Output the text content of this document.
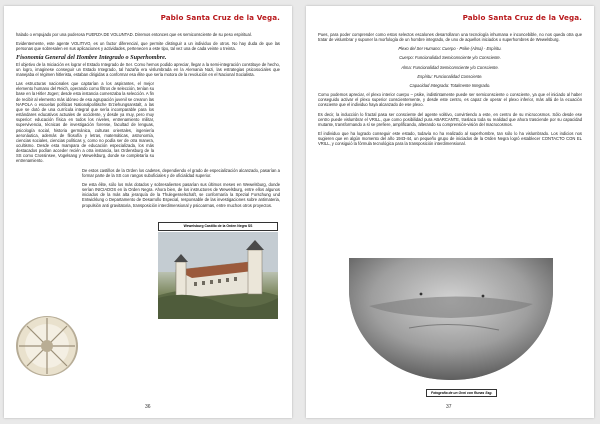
Pablo Santa Cruz de la Vega.

halado o empujado por una poderosa FUERZA DE VOLUNTAD. Diremos entonces que es semiconsciente de su peso espiritual.

Evidentemente, este agente VOLITIVO, es un factor diferencial, que permite distinguir a un individuo de otros. No hay duda de que las personas que sobresalen en sus aplicaciones y actividades, pertenecen a este tipo, tal vez una de cada veinte o treinta.

Fisonomía General del Hombre Integrado o Superhombre.

El objetivo de la Iniciación es lograr el Estado Integrado de Ser. Como hemos podido apreciar, llegar a la semi-integración constituye de hecho, un logro, imaginese conseguir un Estado Integrado, tal hazaña era vislumbrada en la Alemania Nazi, las estrategias psicosociales que manejaba el régimen hitlerista, estaban dirigidas a conformar esa élite que sería motora de la revolución en el Nacional Socialista.

Las estructuras nacionales que captarían a los aspirantes, el mejor elemento humano del Reich, operando como filtros de selección, tenían su base en la Hitler Jügen; desde esta instancia comenzaba la selección. A fin de recibir al elemento más idóneo de esa agrupación juvenil se crearon las NAPOLA o escuelas políticas Nationalpolitische Erziehungsanstalt, a las que se dotó de una currícula integral que sería incomparable para los estándares educativos actuales de occidente, y desde ya muy, pero muy superior: educación física en todos los niveles, entrenamiento militar, supervivencia, técnicas de investigación forense, facultad de lenguas, psicología social, historia germánica, culturas orientales, ingeniería aeronáutica, además de filosofía y letras, matemáticas, astronomía, ciencias sociales, ciencias políticas y, como no podía ser de otra manera, ocultismo. Desde esta mampara de educación especializada, los más destacados podían acceder recién a otra instancia, las Ordensburg de la SS como Crossinsee, Vogelsang y Wewelsburg, donde se completaría su entrenamiento.

De estos castillos de la Orden los cadetes, dependiendo el grado de especialización alcanzado, pasarían a formar parte de la SS con rangos suboficiales y de oficialidad superior.

De esta élite, sólo los más dotados y sobresalientes pasarían sus últimos meses en Wewelsburg, donde serían INICIADOS en la Orden Negra. Ahora bien, de los instructores de Wewelsburg, entre ellos algunos iniciados de la más alta jerarquía de la Thulegesselschaft, se conformaría la Spezial Forschung und Entwicklung o Departamento de Desarrollo Especial, responsable de las investigaciones sobre antimateria, propulsión anti gravitatoria, transposición interdimensional y psicoarmas, entre muchos otros proyectos.

Wewelsburg Castillo de la Orden Negra SS
36
Pablo Santa Cruz de la Vega.

Pues, para poder comprender como estos selectos escalones desarrollaron una tecnología inhumana e inconcebible, no nos queda otra que tratar de vislumbrar y suponer la morfología de un hombre integrado, de uno de aquellos iniciados o superhombres de Wewelsburg.

Plexo del Ser Humano: Cuerpo - Psike (Alma) - Espíritu.

Cuerpo: Funcionalidad Semiconsciente y/o Consciente.

Alma: Funcionalidad Semiconsciente y/o Consciente.

Espíritu: Funcionalidad Consciente.

Capacidad Integrada: Totalmente Integrado.

Como podemos apreciar, el plexo interior cuerpo – psike, indistintamente puede ser semiconsciente o consciente, ya que el iniciado al haber conseguido activar el plexo superior conscientemente, y desde este centro, es capaz de operar el plexo inferior, más allá de la ecuación consciente que el individuo haya alcanzado de ese plexo.

Es decir, la inducción lo fractal pasa ser consciente del agente volitivo, convirtiendo a este, en centro de su microcosmos. Sólo desde ese centro puede vislumbrar el VRILL, que como posibilidad pura ABARCANTE, traslaca toda su realidad que ahora trasciende por su capacidad mutante, transformando a sí se prefiere, amplificando, alterando su comprensión-visión del macrocosmos.

El individuo que ha logrado conseguir este estado, todavía no ha realizado al superhombre, tan sólo lo ha vislumbrado. Los indicios nos sugieren que en algún momento del año 1943-44, un pequeño grupo de iniciados de la Orden Negra logró establecer CONTACTO CON EL VRILL, y consiguió la fórmula tecnológica para la transposición interdimensional.

Fotografía de un Ovni con Runas Ssg.
37
